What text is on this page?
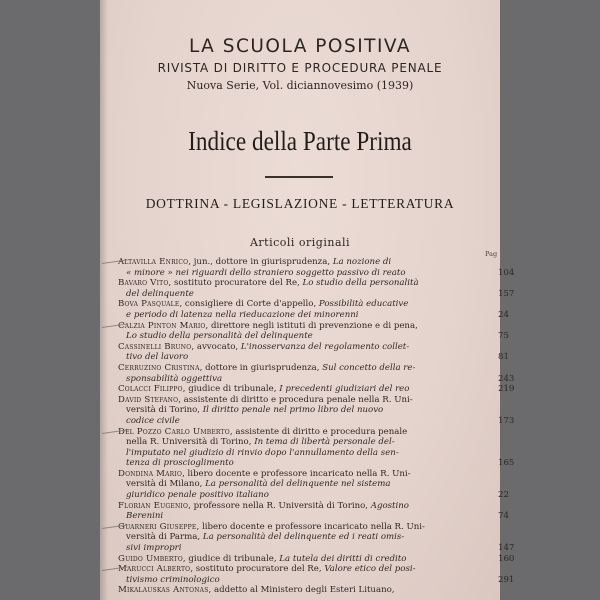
LA SCUOLA POSITIVA
RIVISTA DI DIRITTO E PROCEDURA PENALE
Nuova Serie, Vol. diciannovesimo (1939)
Indice della Parte Prima
DOTTRINA - LEGISLAZIONE - LETTERATURA
Articoli originali
Pag
Altavilla Enrico, jun., dottore in giurisprudenza, La nozione di
« minore » nei riguardi dello straniero soggetto passivo di reato	104
Bavaro Vito, sostituto procuratore del Re, Lo studio della personalità
del delinquente	157
Bova Pasquale, consigliere di Corte d'appello, Possibilità educative
e periodo di latenza nella rieducazione dei minorenni	24
Calzia Pinton Mario, direttore negli istituti di prevenzione e di pena,
Lo studio della personalità del delinquente	75
Cassinelli Bruno, avvocato, L'inosservanza del regolamento collet-
tivo del lavoro	81
Cerruzino Cristina, dottore in giurisprudenza, Sul concetto della re-
sponsabilità oggettiva	243
Colacci Filippo, giudice di tribunale, I precedenti giudiziari del reo	219
David Stefano, assistente di diritto e procedura penale nella R. Uni-
versità di Torino, Il diritto penale nel primo libro del nuovo
codice civile	173
Del Pozzo Carlo Umberto, assistente di diritto e procedura penale
nella R. Università di Torino, In tema di libertà personale del-
l'imputato nel giudizio di rinvio dopo l'annullamento della sen-
tenza di proscioglimento	165
Dondina Mario, libero docente e professore incaricato nella R. Uni-
versità di Milano, La personalità del delinquente nel sistema
giuridico penale positivo italiano	22
Florian Eugenio, professore nella R. Università di Torino, Agostino
Berenini	74
Guarneri Giuseppe, libero docente e professore incaricato nella R. Uni-
versità di Parma, La personalità del delinquente ed i reati omis-
sivi impropri	147
Guido Umberto, giudice di tribunale, La tutela dei diritti di credito	160
Marucci Alberto, sostituto procuratore del Re, Valore etico del posi-
tivismo criminologico	291
Mikalauskas Antonas, addetto al Ministero degli Esteri Lituano,
